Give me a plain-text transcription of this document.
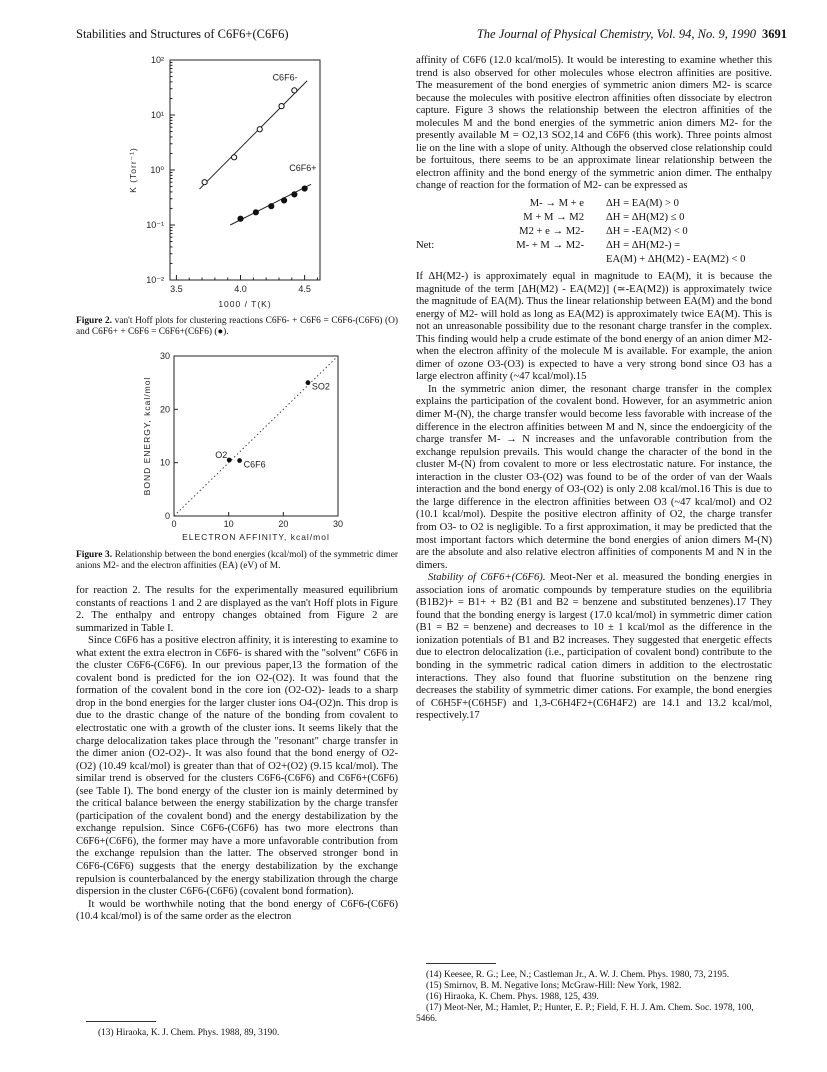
Stabilities and Structures of C6F6+(C6F6)	The Journal of Physical Chemistry, Vol. 94, No. 9, 1990 3691
3.5	4.0	4.5
10²
10¹
10⁰
10⁻¹
10⁻²
1000 / T(K)
K (Torr⁻¹)
C6F6-
C6F6+
Figure 2. van't Hoff plots for clustering reactions C6F6- + C6F6 = C6F6-(C6F6) (O) and C6F6+ + C6F6 = C6F6+(C6F6) (●).
0	10	20	30
30
20
10
0
ELECTRON AFFINITY, kcal/mol
BOND ENERGY, kcal/mol	O2
C6F6
SO2
Figure 3. Relationship between the bond energies (kcal/mol) of the symmetric dimer anions M2- and the electron affinities (EA) (eV) of M.

for reaction 2. The results for the experimentally measured equilibrium constants of reactions 1 and 2 are displayed as the van't Hoff plots in Figure 2. The enthalpy and entropy changes obtained from Figure 2 are summarized in Table I.

Since C6F6 has a positive electron affinity, it is interesting to examine to what extent the extra electron in C6F6- is shared with the "solvent" C6F6 in the cluster C6F6-(C6F6). In our previous paper,13 the formation of the covalent bond is predicted for the ion O2-(O2). It was found that the formation of the covalent bond in the core ion (O2-O2)- leads to a sharp drop in the bond energies for the larger cluster ions O4-(O2)n. This drop is due to the drastic change of the nature of the bonding from covalent to electrostatic one with a growth of the cluster ions. It seems likely that the charge delocalization takes place through the "resonant" charge transfer in the dimer anion (O2-O2)-. It was also found that the bond energy of O2-(O2) (10.49 kcal/mol) is greater than that of O2+(O2) (9.15 kcal/mol). The similar trend is observed for the clusters C6F6-(C6F6) and C6F6+(C6F6) (see Table I). The bond energy of the cluster ion is mainly determined by the critical balance between the energy stabilization by the charge transfer (participation of the covalent bond) and the energy destabilization by the exchange repulsion. Since C6F6-(C6F6) has two more electrons than C6F6+(C6F6), the former may have a more unfavorable contribution from the exchange repulsion than the latter. The observed stronger bond in C6F6-(C6F6) suggests that the energy destabilization by the exchange repulsion is counterbalanced by the energy stabilization through the charge dispersion in the cluster C6F6-(C6F6) (covalent bond formation).

It would be worthwhile noting that the bond energy of C6F6-(C6F6) (10.4 kcal/mol) is of the same order as the electron

(13) Hiraoka, K. J. Chem. Phys. 1988, 89, 3190.

affinity of C6F6 (12.0 kcal/mol5). It would be interesting to examine whether this trend is also observed for other molecules whose electron affinities are positive. The measurement of the bond energies of symmetric anion dimers M2- is scarce because the molecules with positive electron affinities often dissociate by electron capture. Figure 3 shows the relationship between the electron affinities of the molecules M and the bond energies of the symmetric anion dimers M2- for the presently available M = O2,13 SO2,14 and C6F6 (this work). Three points almost lie on the line with a slope of unity. Although the observed close relationship could be fortuitous, there seems to be an approximate linear relationship between the electron affinity and the bond energy of the symmetric anion dimer. The enthalpy change of reaction for the formation of M2- can be expressed as

M- → M + e	ΔH = EA(M) > 0
M + M → M2	ΔH = ΔH(M2) ≤ 0
M2 + e → M2-	ΔH = -EA(M2) < 0
Net:	M- + M → M2-	ΔH = ΔH(M2-) =
EA(M) + ΔH(M2) - EA(M2) < 0

If ΔH(M2-) is approximately equal in magnitude to EA(M), it is because the magnitude of the term [ΔH(M2) - EA(M2)] (≃-EA(M2)) is approximately twice the magnitude of EA(M). Thus the linear relationship between EA(M) and the bond energy of M2- will hold as long as EA(M2) is approximately twice EA(M). This is not an unreasonable possibility due to the resonant charge transfer in the complex. This finding would help a crude estimate of the bond energy of an anion dimer M2- when the electron affinity of the molecule M is available. For example, the anion dimer of ozone O3-(O3) is expected to have a very strong bond since O3 has a large electron affinity (~47 kcal/mol).15

In the symmetric anion dimer, the resonant charge transfer in the complex explains the participation of the covalent bond. However, for an asymmetric anion dimer M-(N), the charge transfer would become less favorable with increase of the difference in the electron affinities between M and N, since the endoergicity of the charge transfer M- → N increases and the unfavorable contribution from the exchange repulsion prevails. This would change the character of the bond in the cluster M-(N) from covalent to more or less electrostatic nature. For instance, the interaction in the cluster O3-(O2) was found to be of the order of van der Waals interaction and the bond energy of O3-(O2) is only 2.08 kcal/mol.16 This is due to the large difference in the electron affinities between O3 (~47 kcal/mol) and O2 (10.1 kcal/mol). Despite the positive electron affinity of O2, the charge transfer from O3- to O2 is negligible. To a first approximation, it may be predicted that the most important factors which determine the bond energies of anion dimers M-(N) are the absolute and also relative electron affinities of components M and N in the dimers.

Stability of C6F6+(C6F6). Meot-Ner et al. measured the bonding energies in association ions of aromatic compounds by temperature studies on the equilibria (B1B2)+ = B1+ + B2 (B1 and B2 = benzene and substituted benzenes).17 They found that the bonding energy is largest (17.0 kcal/mol) in symmetric dimer cation (B1 = B2 = benzene) and decreases to 10 ± 1 kcal/mol as the difference in the ionization potentials of B1 and B2 increases. They suggested that energetic effects due to electron delocalization (i.e., participation of covalent bond) contribute to the bonding in the symmetric radical cation dimers in addition to the electrostatic interactions. They also found that fluorine substitution on the benzene ring decreases the stability of symmetric dimer cations. For example, the bond energies of C6H5F+(C6H5F) and 1,3-C6H4F2+(C6H4F2) are 14.1 and 13.2 kcal/mol, respectively.17

(14) Keesee, R. G.; Lee, N.; Castleman Jr., A. W. J. Chem. Phys. 1980, 73, 2195.
(15) Smirnov, B. M. Negative Ions; McGraw-Hill: New York, 1982.
(16) Hiraoka, K. Chem. Phys. 1988, 125, 439.
(17) Meot-Ner, M.; Hamlet, P.; Hunter, E. P.; Field, F. H. J. Am. Chem. Soc. 1978, 100, 5466.
